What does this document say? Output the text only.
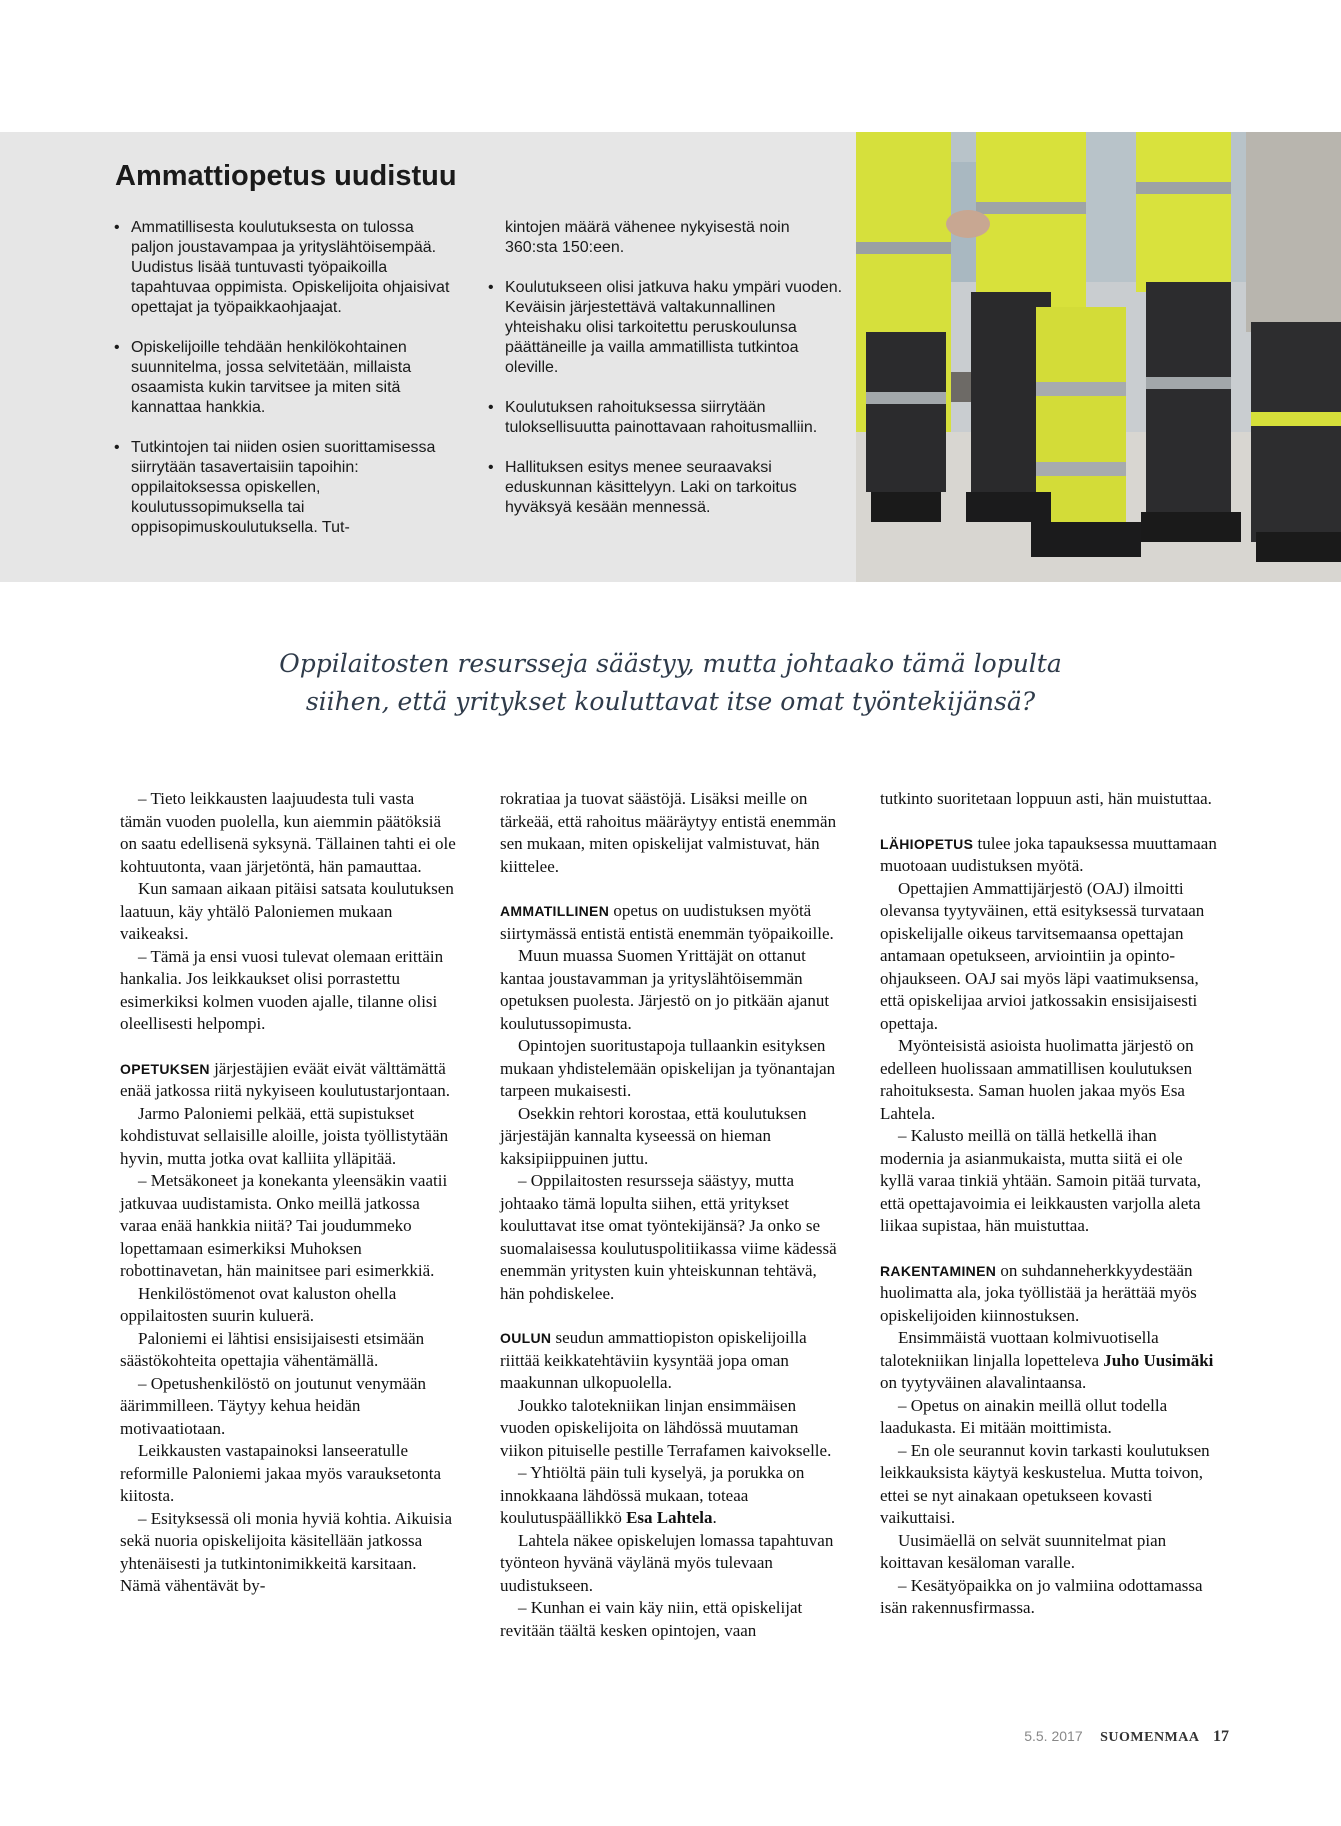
Ammattiopetus uudistuu
• Ammatillisesta koulutuksesta on tulossa paljon joustavampaa ja yrityslähtöisempää. Uudistus lisää tuntuvasti työpaikoilla tapahtuvaa oppimista. Opiskelijoita ohjaisivat opettajat ja työpaikkaohjaajat.
• Opiskelijoille tehdään henkilökohtainen suunnitelma, jossa selvitetään, millaista osaamista kukin tarvitsee ja miten sitä kannattaa hankkia.
• Tutkintojen tai niiden osien suorittamisessa siirrytään tasavertaisiin tapoihin: oppilaitoksessa opiskellen, koulutussopimuksella tai oppisopimuskoulutuksella. Tut-
kintojen määrä vähenee nykyisestä noin 360:sta 150:een.
• Koulutukseen olisi jatkuva haku ympäri vuoden. Keväisin järjestettävä valtakunnallinen yhteishaku olisi tarkoitettu peruskoulunsa päättäneille ja vailla ammatillista tutkintoa oleville.
• Koulutuksen rahoituksessa siirrytään tuloksellisuutta painottavaan rahoitusmalliin.
• Hallituksen esitys menee seuraavaksi eduskunnan käsittelyyn. Laki on tarkoitus hyväksyä kesään mennessä.

Oppilaitosten resursseja säästyy, mutta johtaako tämä lopulta
siihen, että yritykset kouluttavat itse omat työntekijänsä?

– Tieto leikkausten laajuudesta tuli vasta tämän vuoden puolella, kun aiemmin päätöksiä on saatu edellisenä syksynä. Tällainen tahti ei ole kohtuutonta, vaan järjetöntä, hän pamauttaa.

Kun samaan aikaan pitäisi satsata koulutuksen laatuun, käy yhtälö Paloniemen mukaan vaikeaksi.

– Tämä ja ensi vuosi tulevat olemaan erittäin hankalia. Jos leikkaukset olisi porrastettu esimerkiksi kolmen vuoden ajalle, tilanne olisi oleellisesti helpompi.

OPETUKSEN järjestäjien eväät eivät välttämättä enää jatkossa riitä nykyiseen koulutustarjontaan.

Jarmo Paloniemi pelkää, että supistukset kohdistuvat sellaisille aloille, joista työllistytään hyvin, mutta jotka ovat kalliita ylläpitää.

– Metsäkoneet ja konekanta yleensäkin vaatii jatkuvaa uudistamista. Onko meillä jatkossa varaa enää hankkia niitä? Tai joudummeko lopettamaan esimerkiksi Muhoksen robottinavetan, hän mainitsee pari esimerkkiä.

Henkilöstömenot ovat kaluston ohella oppilaitosten suurin kuluerä.

Paloniemi ei lähtisi ensisijaisesti etsimään säästökohteita opettajia vähentämällä.

– Opetushenkilöstö on joutunut venymään äärimmilleen. Täytyy kehua heidän motivaatiotaan.

Leikkausten vastapainoksi lanseeratulle reformille Paloniemi jakaa myös varauksetonta kiitosta.

– Esityksessä oli monia hyviä kohtia. Aikuisia sekä nuoria opiskelijoita käsitellään jatkossa yhtenäisesti ja tutkintonimikkeitä karsitaan. Nämä vähentävät by-

rokratiaa ja tuovat säästöjä. Lisäksi meille on tärkeää, että rahoitus määräytyy entistä enemmän sen mukaan, miten opiskelijat valmistuvat, hän kiittelee.

AMMATILLINEN opetus on uudistuksen myötä siirtymässä entistä entistä enemmän työpaikoille.

Muun muassa Suomen Yrittäjät on ottanut kantaa joustavamman ja yrityslähtöisemmän opetuksen puolesta. Järjestö on jo pitkään ajanut koulutussopimusta.

Opintojen suoritustapoja tullaankin esityksen mukaan yhdistelemään opiskelijan ja työnantajan tarpeen mukaisesti.

Osekkin rehtori korostaa, että koulutuksen järjestäjän kannalta kyseessä on hieman kaksipiippuinen juttu.

– Oppilaitosten resursseja säästyy, mutta johtaako tämä lopulta siihen, että yritykset kouluttavat itse omat työntekijänsä? Ja onko se suomalaisessa koulutuspolitiikassa viime kädessä enemmän yritysten kuin yhteiskunnan tehtävä, hän pohdiskelee.

OULUN seudun ammattiopiston opiskelijoilla riittää keikkatehtäviin kysyntää jopa oman maakunnan ulkopuolella.

Joukko talotekniikan linjan ensimmäisen vuoden opiskelijoita on lähdössä muutaman viikon pituiselle pestille Terrafamen kaivokselle.

– Yhtiöltä päin tuli kyselyä, ja porukka on innokkaana lähdössä mukaan, toteaa koulutuspäällikkö Esa Lahtela.

Lahtela näkee opiskelujen lomassa tapahtuvan työnteon hyvänä väylänä myös tulevaan uudistukseen.

– Kunhan ei vain käy niin, että opiskelijat revitään täältä kesken opintojen, vaan

tutkinto suoritetaan loppuun asti, hän muistuttaa.

LÄHIOPETUS tulee joka tapauksessa muuttamaan muotoaan uudistuksen myötä.

Opettajien Ammattijärjestö (OAJ) ilmoitti olevansa tyytyväinen, että esityksessä turvataan opiskelijalle oikeus tarvitsemaansa opettajan antamaan opetukseen, arviointiin ja opinto-ohjaukseen. OAJ sai myös läpi vaatimuksensa, että opiskelijaa arvioi jatkossakin ensisijaisesti opettaja.

Myönteisistä asioista huolimatta järjestö on edelleen huolissaan ammatillisen koulutuksen rahoituksesta. Saman huolen jakaa myös Esa Lahtela.

– Kalusto meillä on tällä hetkellä ihan modernia ja asianmukaista, mutta siitä ei ole kyllä varaa tinkiä yhtään. Samoin pitää turvata, että opettajavoimia ei leikkausten varjolla aleta liikaa supistaa, hän muistuttaa.

RAKENTAMINEN on suhdanneherkkyydestään huolimatta ala, joka työllistää ja herättää myös opiskelijoiden kiinnostuksen.

Ensimmäistä vuottaan kolmivuotisella talotekniikan linjalla lopetteleva Juho Uusimäki on tyytyväinen alavalintaansa.

– Opetus on ainakin meillä ollut todella laadukasta. Ei mitään moittimista.

– En ole seurannut kovin tarkasti koulutuksen leikkauksista käytyä keskustelua. Mutta toivon, ettei se nyt ainakaan opetukseen kovasti vaikuttaisi.

Uusimäellä on selvät suunnitelmat pian koittavan kesäloman varalle.

– Kesätyöpaikka on jo valmiina odottamassa isän rakennusfirmassa.

5.5. 2017 SUOMENMAA 17
